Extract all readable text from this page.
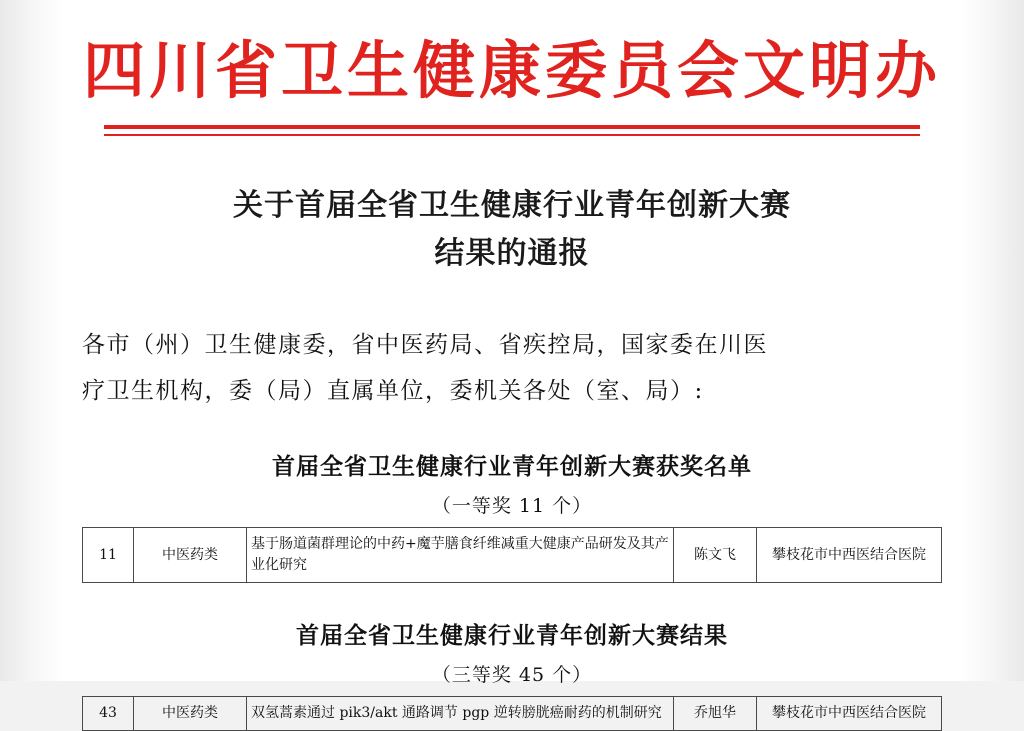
四川省卫生健康委员会文明办
关于首届全省卫生健康行业青年创新大赛
结果的通报
各市（州）卫生健康委，省中医药局、省疾控局，国家委在川医
疗卫生机构，委（局）直属单位，委机关各处（室、局）:
首届全省卫生健康行业青年创新大赛获奖名单
（一等奖 11 个）
11	中医药类	基于肠道菌群理论的中药+魔芋膳食纤维减重大健康产品研发及其产业化研究	陈文飞	攀枝花市中西医结合医院
首届全省卫生健康行业青年创新大赛结果
（三等奖 45 个）
43	中医药类	双氢蒿素通过 pik3/akt 通路调节 pgp 逆转膀胱癌耐药的机制研究	乔旭华	攀枝花市中西医结合医院
